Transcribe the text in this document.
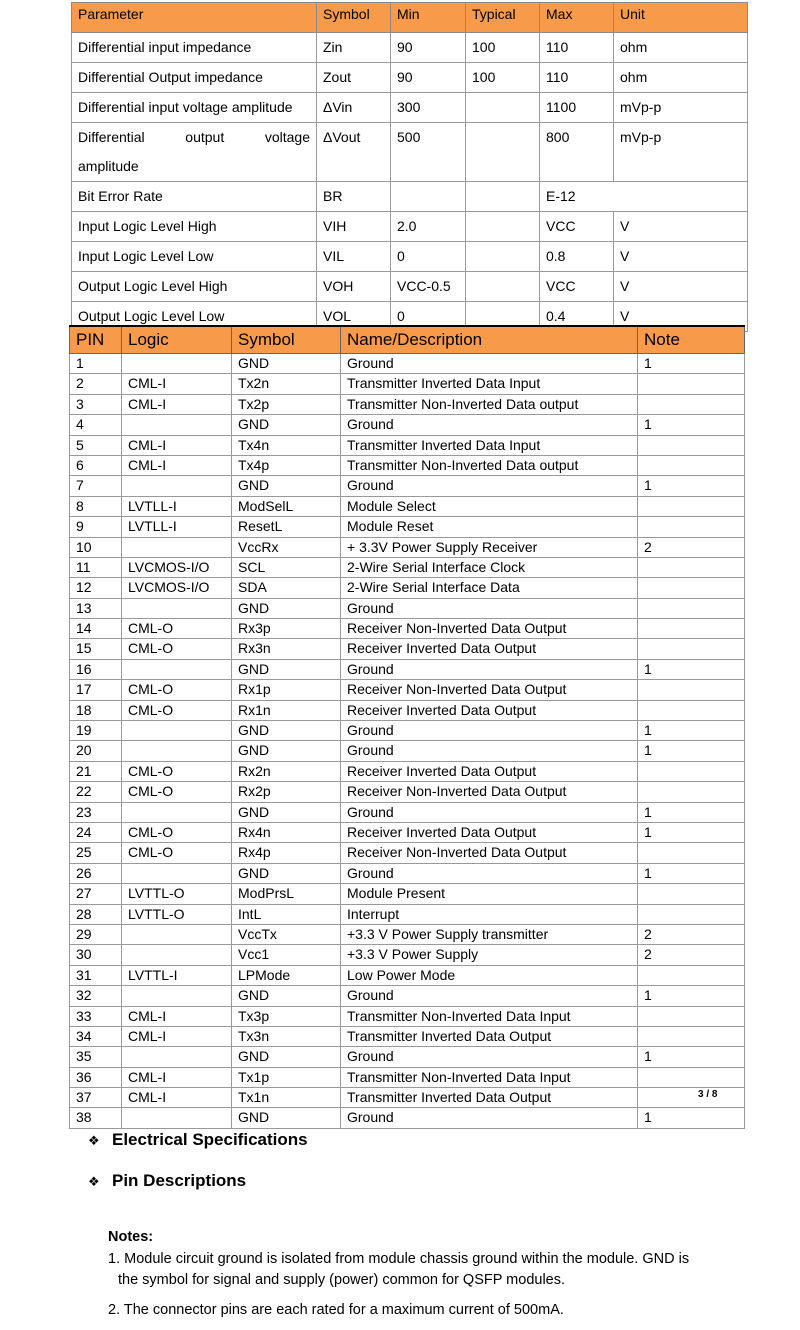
Parameter	Symbol	Min	Typical	Max	Unit
Differential input impedance	Zin	90	100	110	ohm
Differential Output impedance	Zout	90	100	110	ohm
Differential input voltage amplitude	ΔVin	300		1100	mVp-p

Differential output voltage
amplitude	ΔVout	500		800	mVp-p
Bit Error Rate	BR			E-12	
Input Logic Level High	VIH	2.0		VCC	V
Input Logic Level Low	VIL	0		0.8	V
Output Logic Level High	VOH	VCC-0.5		VCC	V
Output Logic Level Low	VOL	0		0.4	V
PIN	Logic	Symbol	Name/Description	Note
1		GND	Ground	1
2	CML-I	Tx2n	Transmitter Inverted Data Input	
3	CML-I	Tx2p	Transmitter Non-Inverted Data output	
4		GND	Ground	1
5	CML-I	Tx4n	Transmitter Inverted Data Input	
6	CML-I	Tx4p	Transmitter Non-Inverted Data output	
7		GND	Ground	1
8	LVTLL-I	ModSelL	Module Select	
9	LVTLL-I	ResetL	Module Reset	
10		VccRx	+ 3.3V Power Supply Receiver	2
11	LVCMOS-I/O	SCL	2-Wire Serial Interface Clock	
12	LVCMOS-I/O	SDA	2-Wire Serial Interface Data	
13		GND	Ground	
14	CML-O	Rx3p	Receiver Non-Inverted Data Output	
15	CML-O	Rx3n	Receiver Inverted Data Output	
16		GND	Ground	1
17	CML-O	Rx1p	Receiver Non-Inverted Data Output	
18	CML-O	Rx1n	Receiver Inverted Data Output	
19		GND	Ground	1
20		GND	Ground	1
21	CML-O	Rx2n	Receiver Inverted Data Output	
22	CML-O	Rx2p	Receiver Non-Inverted Data Output	
23		GND	Ground	1
24	CML-O	Rx4n	Receiver Inverted Data Output	1
25	CML-O	Rx4p	Receiver Non-Inverted Data Output	
26		GND	Ground	1
27	LVTTL-O	ModPrsL	Module Present	
28	LVTTL-O	IntL	Interrupt	
29		VccTx	+3.3 V Power Supply transmitter	2
30		Vcc1	+3.3 V Power Supply	2
31	LVTTL-I	LPMode	Low Power Mode	
32		GND	Ground	1
33	CML-I	Tx3p	Transmitter Non-Inverted Data Input	
34	CML-I	Tx3n	Transmitter Inverted Data Output	
35		GND	Ground	1
36	CML-I	Tx1p	Transmitter Non-Inverted Data Input	
37	CML-I	Tx1n	Transmitter Inverted Data Output	
38		GND	Ground	1
3 / 8
❖ Electrical Specifications
❖ Pin Descriptions
Notes:
1. Module circuit ground is isolated from module chassis ground within the module. GND is
the symbol for signal and supply (power) common for QSFP modules.
2. The connector pins are each rated for a maximum current of 500mA.
